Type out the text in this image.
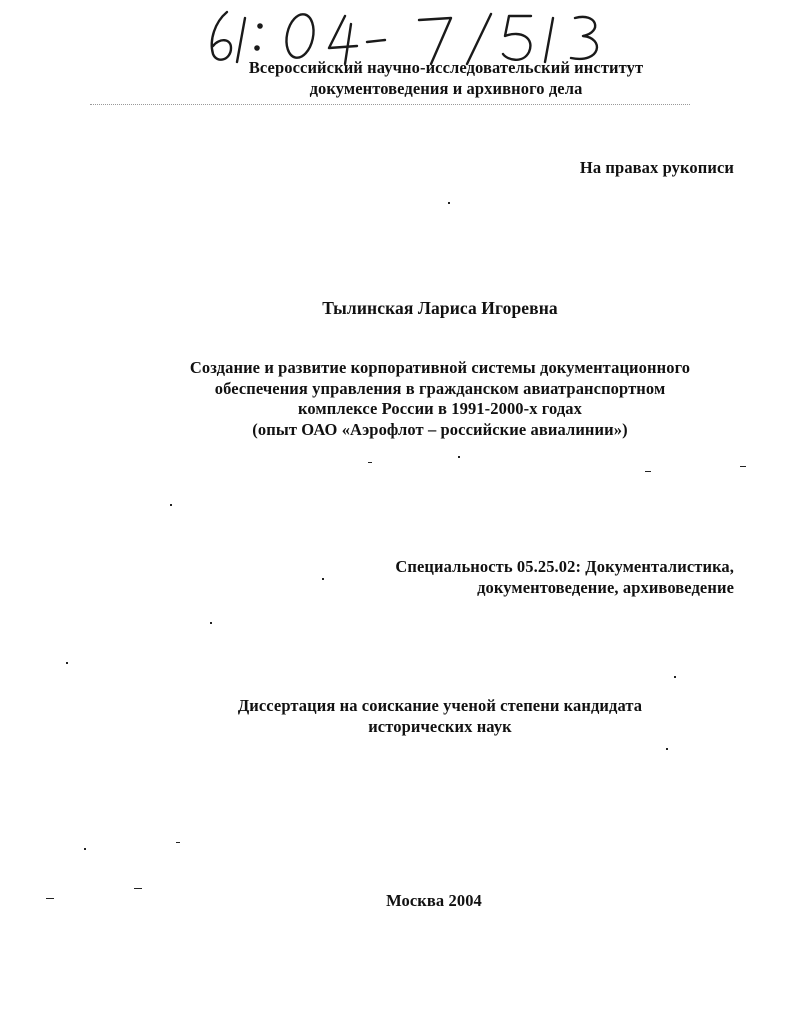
Всероссийский научно-исследовательский институт
документоведения и архивного дела
На правах рукописи
Тылинская Лариса Игоревна
Создание и развитие корпоративной системы документационного
обеспечения управления в гражданском авиатранспортном
комплексе России в 1991-2000-х годах
(опыт ОАО «Аэрофлот – российские авиалинии»)
Специальность 05.25.02: Документалистика,
документоведение, архивоведение
Диссертация на соискание ученой степени кандидата
исторических наук
Москва 2004
